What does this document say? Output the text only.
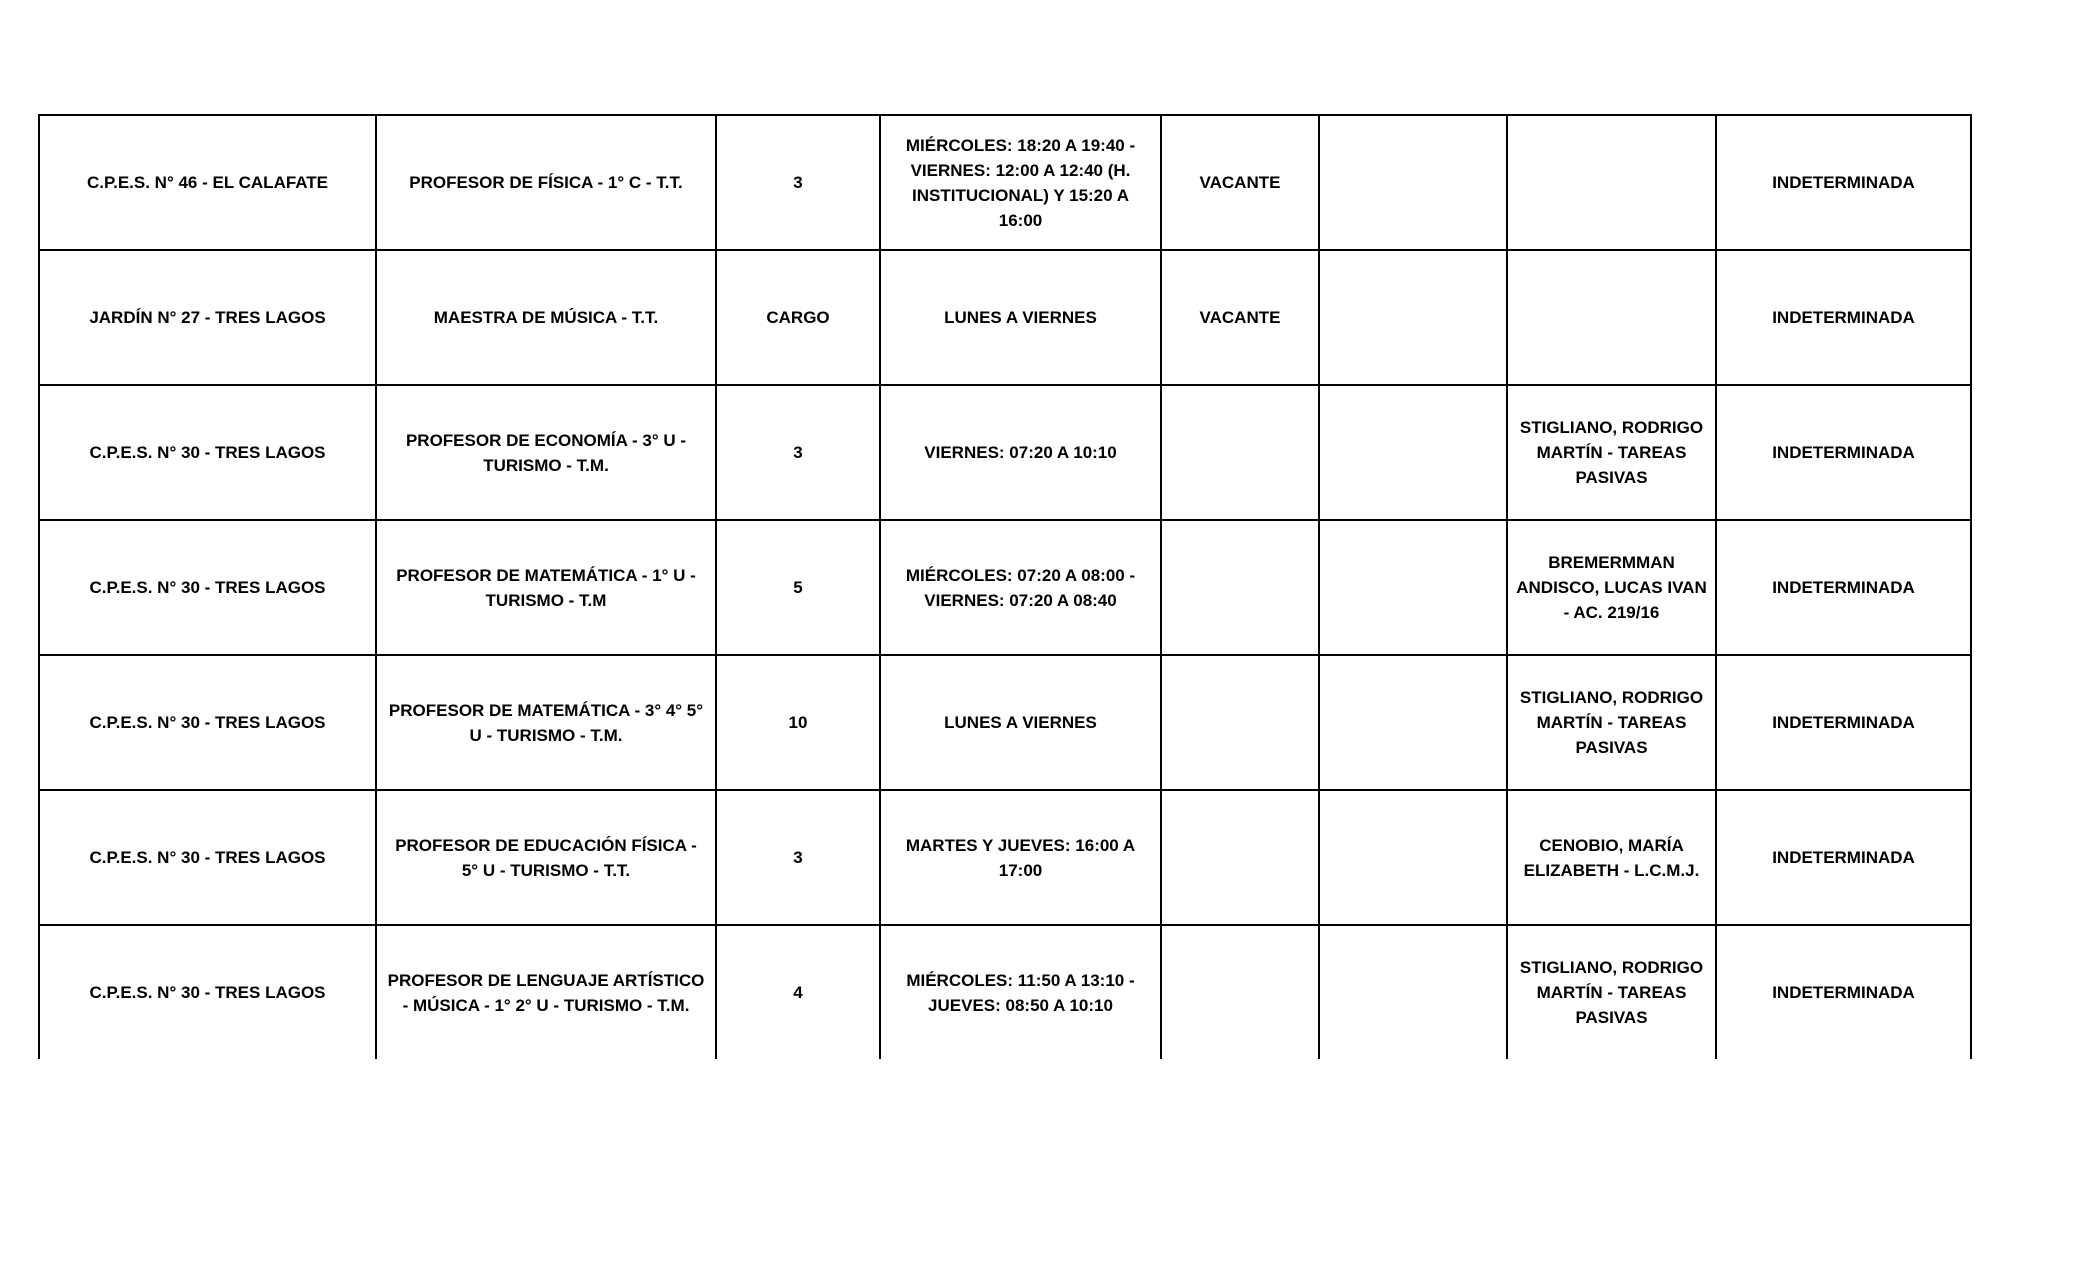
C.P.E.S. N° 46 - EL CALAFATE	PROFESOR DE FÍSICA - 1° C - T.T.	3	MIÉRCOLES: 18:20 A 19:40 - VIERNES: 12:00 A 12:40 (H. INSTITUCIONAL) Y 15:20 A 16:00	VACANTE			INDETERMINADA
JARDÍN N° 27 - TRES LAGOS	MAESTRA DE MÚSICA - T.T.	CARGO	LUNES A VIERNES	VACANTE			INDETERMINADA
C.P.E.S. N° 30 - TRES LAGOS	PROFESOR DE ECONOMÍA - 3° U - TURISMO - T.M.	3	VIERNES: 07:20 A 10:10			STIGLIANO, RODRIGO MARTÍN - TAREAS PASIVAS	INDETERMINADA
C.P.E.S. N° 30 - TRES LAGOS	PROFESOR DE MATEMÁTICA - 1° U - TURISMO - T.M	5	MIÉRCOLES: 07:20 A 08:00 - VIERNES: 07:20 A 08:40			BREMERMMAN ANDISCO, LUCAS IVAN - AC. 219/16	INDETERMINADA
C.P.E.S. N° 30 - TRES LAGOS	PROFESOR DE MATEMÁTICA - 3° 4° 5° U - TURISMO - T.M.	10	LUNES A VIERNES			STIGLIANO, RODRIGO MARTÍN - TAREAS PASIVAS	INDETERMINADA
C.P.E.S. N° 30 - TRES LAGOS	PROFESOR DE EDUCACIÓN FÍSICA - 5° U - TURISMO - T.T.	3	MARTES Y JUEVES: 16:00 A 17:00			CENOBIO, MARÍA ELIZABETH - L.C.M.J.	INDETERMINADA
C.P.E.S. N° 30 - TRES LAGOS	PROFESOR DE LENGUAJE ARTÍSTICO - MÚSICA - 1° 2° U - TURISMO - T.M.	4	MIÉRCOLES: 11:50 A 13:10 - JUEVES: 08:50 A 10:10			STIGLIANO, RODRIGO MARTÍN - TAREAS PASIVAS	INDETERMINADA
